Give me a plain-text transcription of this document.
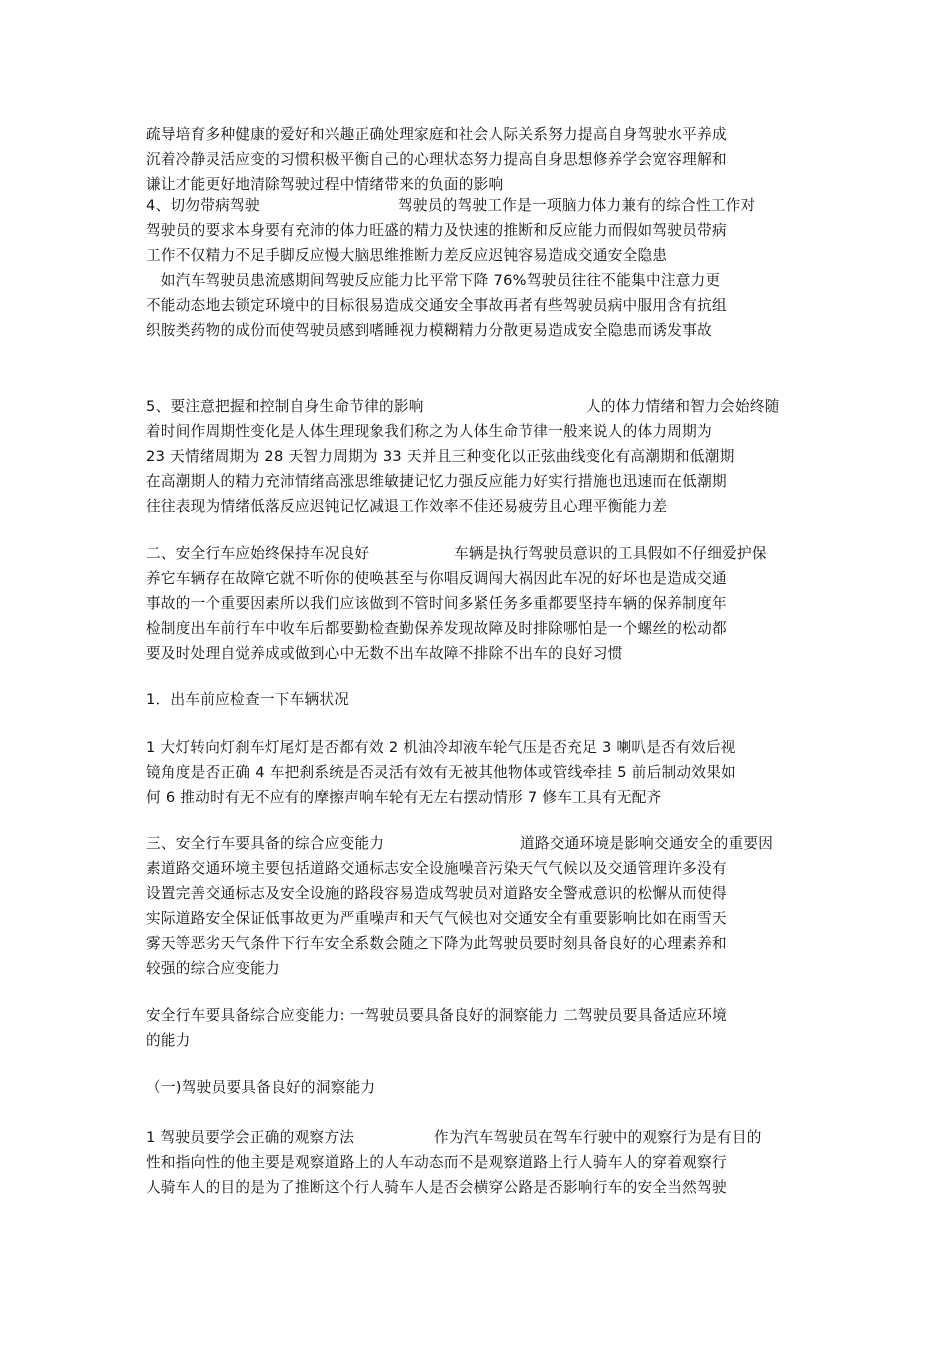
疏导培育多种健康的爱好和兴趣正确处理家庭和社会人际关系努力提高自身驾驶水平养成
沉着冷静灵活应变的习惯积极平衡自己的心理状态努力提高自身思想修养学会宽容理解和
谦让才能更好地清除驾驶过程中情绪带来的负面的影响
4、切勿带病驾驶	驾驶员的驾驶工作是一项脑力体力兼有的综合性工作对
驾驶员的要求本身要有充沛的体力旺盛的精力及快速的推断和反应能力而假如驾驶员带病
工作不仅精力不足手脚反应慢大脑思维推断力差反应迟钝容易造成交通安全隐患
　如汽车驾驶员患流感期间驾驶反应能力比平常下降 76%驾驶员往往不能集中注意力更
不能动态地去锁定环境中的目标很易造成交通安全事故再者有些驾驶员病中服用含有抗组
织胺类药物的成份而使驾驶员感到嗜睡视力模糊精力分散更易造成安全隐患而诱发事故
5、要注意把握和控制自身生命节律的影响	人的体力情绪和智力会始终随
着时间作周期性变化是人体生理现象我们称之为人体生命节律一般来说人的体力周期为
23 天情绪周期为 28 天智力周期为 33 天并且三种变化以正弦曲线变化有高潮期和低潮期
在高潮期人的精力充沛情绪高涨思维敏捷记忆力强反应能力好实行措施也迅速而在低潮期
往往表现为情绪低落反应迟钝记忆减退工作效率不佳还易疲劳且心理平衡能力差
二、安全行车应始终保持车况良好	车辆是执行驾驶员意识的工具假如不仔细爱护保
养它车辆存在故障它就不听你的使唤甚至与你唱反调闯大祸因此车况的好坏也是造成交通
事故的一个重要因素所以我们应该做到不管时间多紧任务多重都要坚持车辆的保养制度年
检制度出车前行车中收车后都要勤检查勤保养发现故障及时排除哪怕是一个螺丝的松动都
要及时处理自觉养成或做到心中无数不出车故障不排除不出车的良好习惯
1．出车前应检查一下车辆状况
1 大灯转向灯刹车灯尾灯是否都有效 2 机油冷却液车轮气压是否充足 3 喇叭是否有效后视
镜角度是否正确 4 车把刹系统是否灵活有效有无被其他物体或管线牵挂 5 前后制动效果如
何 6 推动时有无不应有的摩擦声响车轮有无左右摆动情形 7 修车工具有无配齐
三、安全行车要具备的综合应变能力	道路交通环境是影响交通安全的重要因
素道路交通环境主要包括道路交通标志安全设施噪音污染天气气候以及交通管理许多没有
设置完善交通标志及安全设施的路段容易造成驾驶员对道路安全警戒意识的松懈从而使得
实际道路安全保证低事故更为严重噪声和天气气候也对交通安全有重要影响比如在雨雪天
雾天等恶劣天气条件下行车安全系数会随之下降为此驾驶员要时刻具备良好的心理素养和
较强的综合应变能力
安全行车要具备综合应变能力: 一驾驶员要具备良好的洞察能力 二驾驶员要具备适应环境
的能力
（一)驾驶员要具备良好的洞察能力
1 驾驶员要学会正确的观察方法	作为汽车驾驶员在驾车行驶中的观察行为是有目的
性和指向性的他主要是观察道路上的人车动态而不是观察道路上行人骑车人的穿着观察行
人骑车人的目的是为了推断这个行人骑车人是否会横穿公路是否影响行车的安全当然驾驶
